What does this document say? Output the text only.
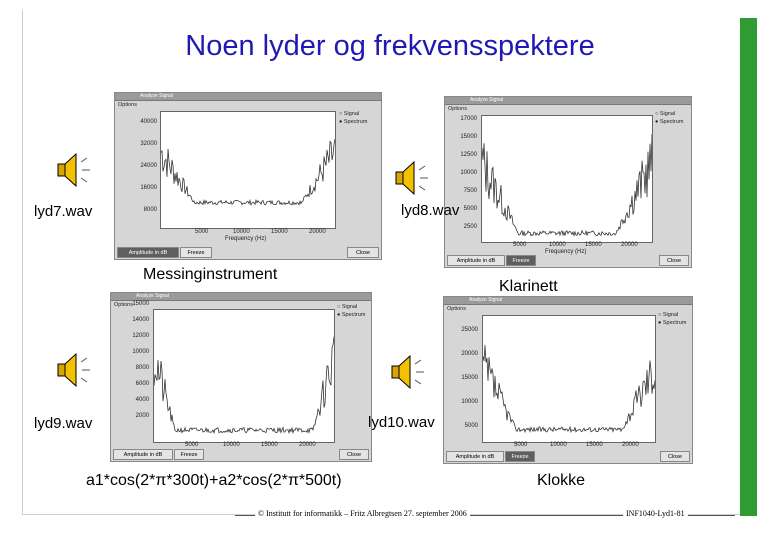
Noen lyder og frekvensspektere
Analyze Signal
Options
40000
32000
24000
16000
8000
○ Signal
● Spectrum
5000	10000	15000	20000
Frequency (Hz)
Amplitude in dB	Freeze	Close
Analyze Signal
Options
17000
15000
12500
10000
7500
5000
2500
○ Signal
● Spectrum
5000	10000	15000	20000
Frequency (Hz)
Amplitude in dB	Freeze	Close
Analyze Signal
Options 15000
14000
12000
10000
8000
6000
4000
2000
○ Signal
● Spectrum
5000	10000	15000	20000
Amplitude in dB	Freeze	Close
Analyze Signal
Options
25000
20000
15000
10000
5000
○ Signal
● Spectrum
5000	10000	15000	20000
Amplitude in dB	Freeze	Close
lyd7.wav	lyd8.wav
lyd9.wav	lyd10.wav
Messinginstrument
Klarinett
a1*cos(2*π*300t)+a2*cos(2*π*500t)	Klokke
© Institutt for informatikk – Fritz Albregtsen 27. september 2006	INF1040-Lyd1-81
